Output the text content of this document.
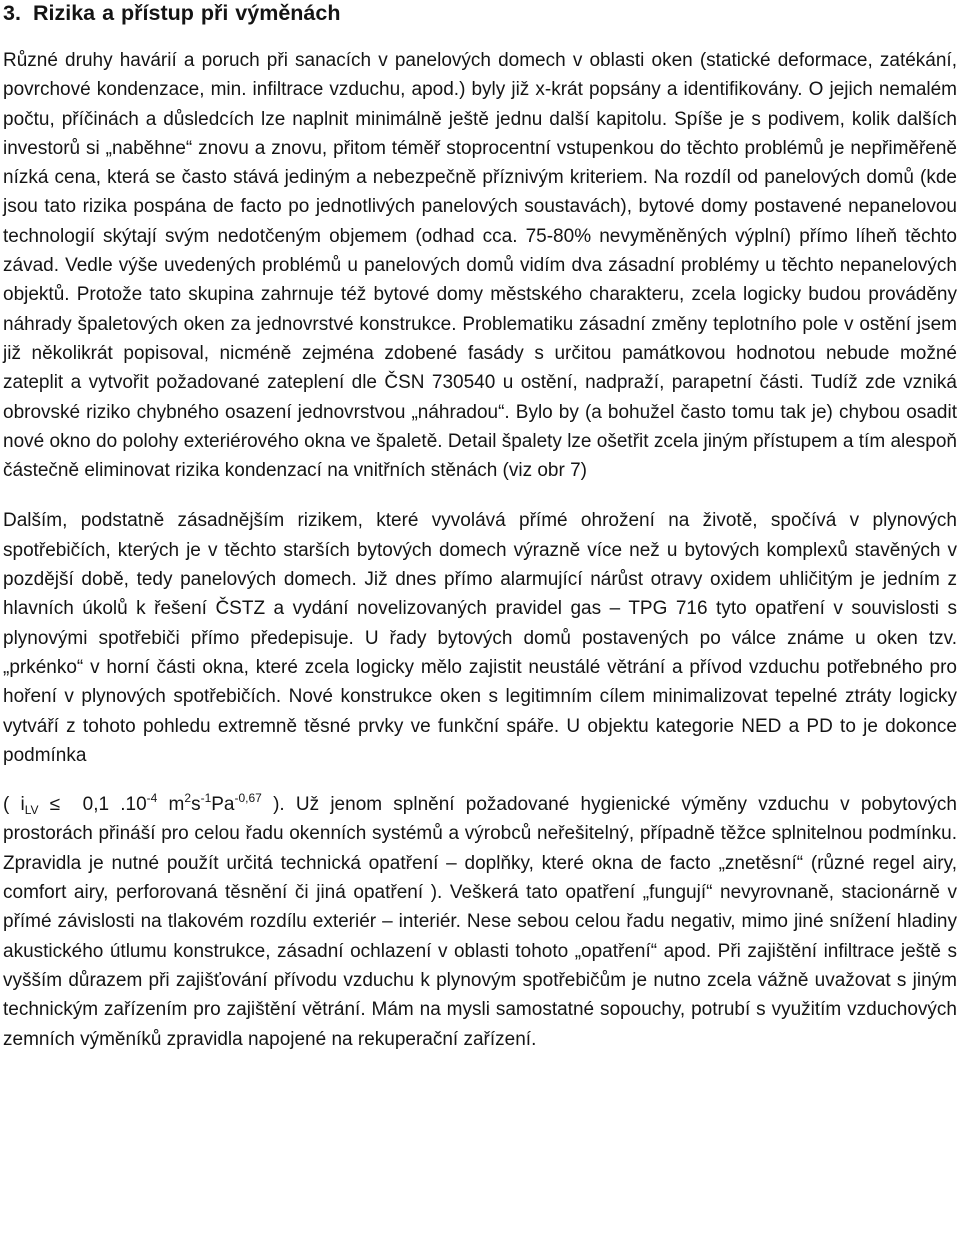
3. Rizika a přístup při výměnách

Různé druhy havárií a poruch při sanacích v panelových domech v oblasti oken (statické deformace, zatékání, povrchové kondenzace, min. infiltrace vzduchu, apod.) byly již x-krát popsány a identifikovány. O jejich nemalém počtu, příčinách a důsledcích lze naplnit minimálně ještě jednu další kapitolu. Spíše je s podivem, kolik dalších investorů si „naběhne“ znovu a znovu, přitom téměř stoprocentní vstupenkou do těchto problémů je nepřiměřeně nízká cena, která se často stává jediným a nebezpečně příznivým kriteriem. Na rozdíl od panelových domů (kde jsou tato rizika pospána de facto po jednotlivých panelových soustavách), bytové domy postavené nepanelovou technologií skýtají svým nedotčeným objemem (odhad cca. 75-80% nevyměněných výplní) přímo líheň těchto závad. Vedle výše uvedených problémů u panelových domů vidím dva zásadní problémy u těchto nepanelových objektů. Protože tato skupina zahrnuje též bytové domy městského charakteru, zcela logicky budou prováděny náhrady špaletových oken za jednovrstvé konstrukce. Problematiku zásadní změny teplotního pole v ostění jsem již několikrát popisoval, nicméně zejména zdobené fasády s určitou památkovou hodnotou nebude možné zateplit a vytvořit požadované zateplení dle ČSN 730540 u ostění, nadpraží, parapetní části. Tudíž zde vzniká obrovské riziko chybného osazení jednovrstvou „náhradou“. Bylo by (a bohužel často tomu tak je) chybou osadit nové okno do polohy exteriérového okna ve špaletě. Detail špalety lze ošetřit zcela jiným přístupem a tím alespoň částečně eliminovat rizika kondenzací na vnitřních stěnách (viz obr 7)

Dalším, podstatně zásadnějším rizikem, které vyvolává přímé ohrožení na životě, spočívá v plynových spotřebičích, kterých je v těchto starších bytových domech výrazně více než u bytových komplexů stavěných v pozdější době, tedy panelových domech. Již dnes přímo alarmující nárůst otravy oxidem uhličitým je jedním z hlavních úkolů k řešení ČSTZ a vydání novelizovaných pravidel gas – TPG 716 tyto opatření v souvislosti s plynovými spotřebiči přímo předepisuje. U řady bytových domů postavených po válce známe u oken tzv. „prkénko“ v horní části okna, které zcela logicky mělo zajistit neustálé větrání a přívod vzduchu potřebného pro hoření v plynových spotřebičích. Nové konstrukce oken s legitimním cílem minimalizovat tepelné ztráty logicky vytváří z tohoto pohledu extremně těsné prvky ve funkční spáře. U objektu kategorie NED a PD to je dokonce podmínka

( $i_{LV} \le 0,1$ $.10^{-4}$ $m^2s^{-1}Pa^{-0,67}$ ). Už jenom splnění požadované hygienické výměny vzduchu v pobytových prostorách přináší pro celou řadu okenních systémů a výrobců neřešitelný, případně těžce splnitelnou podmínku. Zpravidla je nutné použít určitá technická opatření – doplňky, které okna de facto „znetěsní“ (různé regel airy, comfort airy, perforovaná těsnění či jiná opatření ). Veškerá tato opatření „fungují“ nevyrovnaně, stacionárně v přímé závislosti na tlakovém rozdílu exteriér – interiér. Nese sebou celou řadu negativ, mimo jiné snížení hladiny akustického útlumu konstrukce, zásadní ochlazení v oblasti tohoto „opatření“ apod. Při zajištění infiltrace ještě s vyšším důrazem při zajišťování přívodu vzduchu k plynovým spotřebičům je nutno zcela vážně uvažovat s jiným technickým zařízením pro zajištění větrání. Mám na mysli samostatné sopouchy, potrubí s využitím vzduchových zemních výměníků zpravidla napojené na rekuperační zařízení.
